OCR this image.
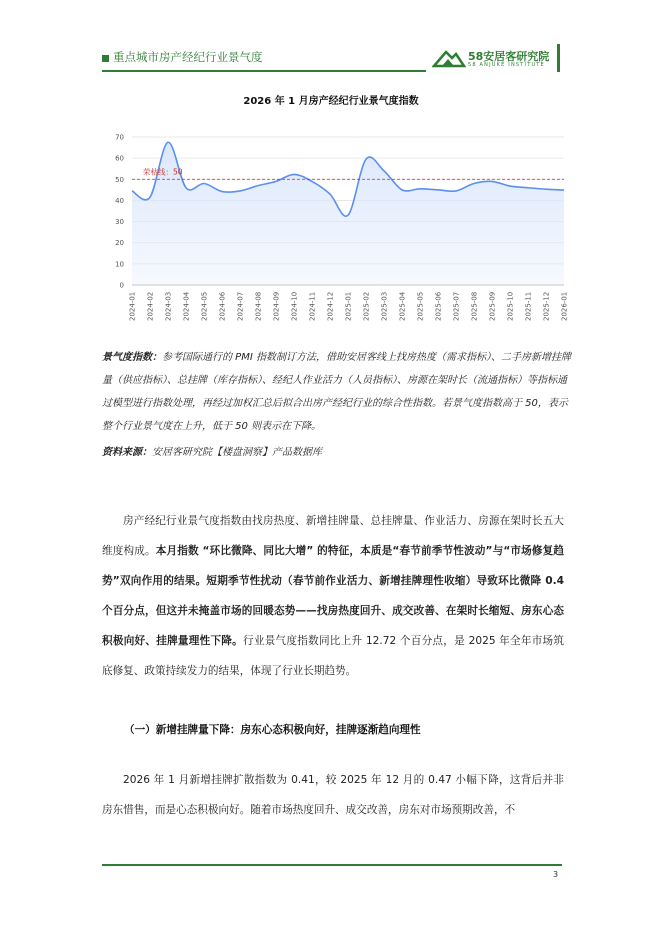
重点城市房产经纪行业景气度	58安居客研究院
58 ANJUKE INSTITUTE
2026 年 1 月房产经纪行业景气度指数
0
10
20
30
40
50
60
70
荣枯线：50
2024-01 2024-02 2024-03 2024-04 2024-05 2024-06 2024-07 2024-08 2024-09 2024-10 2024-11 2024-12 2025-01 2025-02 2025-03 2025-04 2025-05 2025-06 2025-07 2025-08 2025-09 2025-10 2025-11 2025-12 2026-01
景气度指数：参考国际通行的 PMI 指数制订方法，借助安居客线上找房热度（需求指标）、二手房新增挂牌量（供应指标）、总挂牌（库存指标）、经纪人作业活力（人员指标）、房源在架时长（流通指标）等指标通过模型进行指数处理，再经过加权汇总后拟合出房产经纪行业的综合性指数。若景气度指数高于 50，表示整个行业景气度在上升，低于 50 则表示在下降。
资料来源：安居客研究院【楼盘洞察】产品数据库
房产经纪行业景气度指数由找房热度、新增挂牌量、总挂牌量、作业活力、房源在架时长五大维度构成。本月指数 “环比微降、同比大增” 的特征，本质是“春节前季节性波动”与“市场修复趋势”双向作用的结果。短期季节性扰动（春节前作业活力、新增挂牌理性收缩）导致环比微降 0.4 个百分点，但这并未掩盖市场的回暖态势——找房热度回升、成交改善、在架时长缩短、房东心态积极向好、挂牌量理性下降。行业景气度指数同比上升 12.72 个百分点，是 2025 年全年市场筑底修复、政策持续发力的结果，体现了行业长期趋势。
（一）新增挂牌量下降：房东心态积极向好，挂牌逐渐趋向理性
2026 年 1 月新增挂牌扩散指数为 0.41，较 2025 年 12 月的 0.47 小幅下降，这背后并非房东惜售，而是心态积极向好。随着市场热度回升、成交改善，房东对市场预期改善，不
3
